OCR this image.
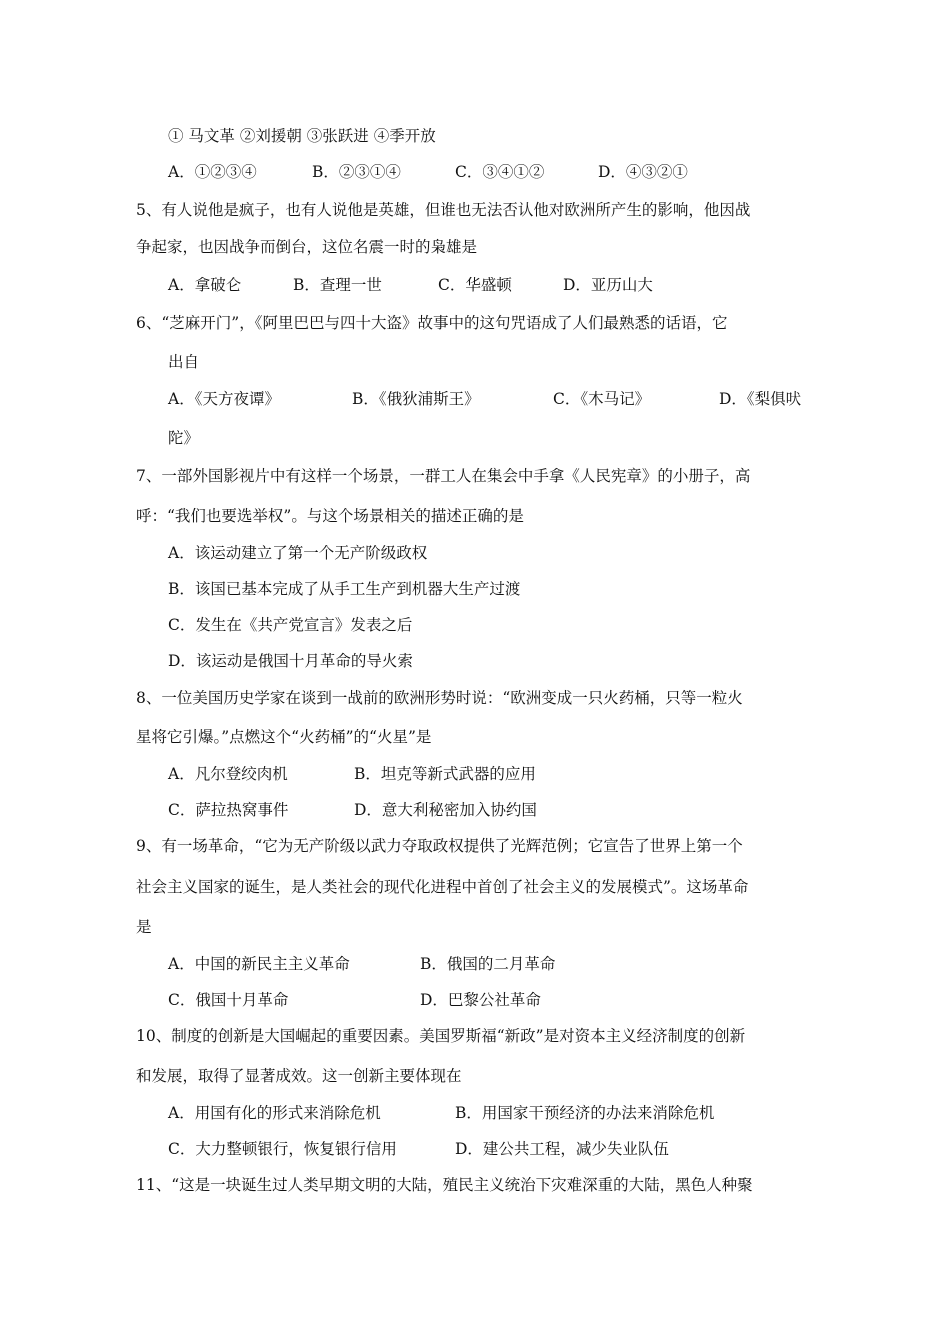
① 马文革 ②刘援朝 ③张跃进 ④季开放
A．①②③④	B．②③①④	C．③④①②	D．④③②①
5、有人说他是疯子，也有人说他是英雄，但谁也无法否认他对欧洲所产生的影响，他因战
争起家，也因战争而倒台，这位名震一时的枭雄是
A．拿破仑	B．查理一世	C．华盛顿	D．亚历山大
6、“芝麻开门”，《阿里巴巴与四十大盗》故事中的这句咒语成了人们最熟悉的话语，它
出自
A．《天方夜谭》	B．《俄狄浦斯王》	C．《木马记》	D．《梨俱吠
陀》
7、一部外国影视片中有这样一个场景，一群工人在集会中手拿《人民宪章》的小册子，高
呼：“我们也要选举权”。与这个场景相关的描述正确的是
A．该运动建立了第一个无产阶级政权
B．该国已基本完成了从手工生产到机器大生产过渡
C．发生在《共产党宣言》发表之后
D．该运动是俄国十月革命的导火索
8、一位美国历史学家在谈到一战前的欧洲形势时说：“欧洲变成一只火药桶，只等一粒火
星将它引爆。”点燃这个“火药桶”的“火星”是
A．凡尔登绞肉机	B．坦克等新式武器的应用
C．萨拉热窝事件	D．意大利秘密加入协约国
9、有一场革命，“它为无产阶级以武力夺取政权提供了光辉范例；它宣告了世界上第一个
社会主义国家的诞生，是人类社会的现代化进程中首创了社会主义的发展模式”。这场革命
是
A．中国的新民主主义革命	B．俄国的二月革命
C．俄国十月革命	D．巴黎公社革命
10、制度的创新是大国崛起的重要因素。美国罗斯福“新政”是对资本主义经济制度的创新
和发展，取得了显著成效。这一创新主要体现在
A．用国有化的形式来消除危机	B．用国家干预经济的办法来消除危机
C．大力整顿银行，恢复银行信用	D．建公共工程，减少失业队伍
11、“这是一块诞生过人类早期文明的大陆，殖民主义统治下灾难深重的大陆，黑色人种聚
